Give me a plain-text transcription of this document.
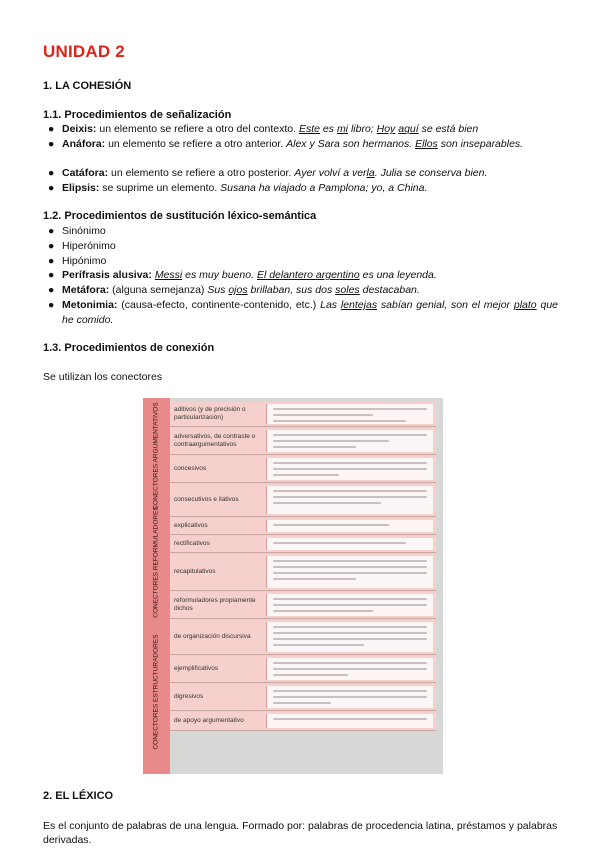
UNIDAD 2
1. LA COHESIÓN
1.1. Procedimientos de señalización
● Deixis: un elemento se refiere a otro del contexto. Este es mi libro; Hoy aquí se está bien
● Anáfora: un elemento se refiere a otro anterior. Alex y Sara son hermanos. Ellos son inseparables.
● Catáfora: un elemento se refiere a otro posterior. Ayer volví a verla. Julia se conserva bien.
● Elipsis: se suprime un elemento. Susana ha viajado a Pamplona; yo, a China.
1.2. Procedimientos de sustitución léxico-semántica
● Sinónimo
● Hiperónimo
● Hipónimo
● Perífrasis alusiva: Messi es muy bueno. El delantero argentino es una leyenda.
● Metáfora: (alguna semejanza) Sus ojos brillaban, sus dos soles destacaban.
● Metonimia: (causa-efecto, continente-contenido, etc.) Las lentejas sabían genial, son el mejor plato que he comido.
1.3. Procedimientos de conexión
Se utilizan los conectores
CONECTORES ARGUMENTATIVOS
CONECTORES REFORMULADORES
CONECTORES ESTRUCTURADORES
aditivos (y de precisión o particularización)
adversativos, de contraste o contraargumentativos
concesivos
consecutivos e ilativos
explicativos
rectificativos
recapitulativos
reformuladores propiamente dichos
de organización discursiva
ejemplificativos
digresivos
de apoyo argumentativo
2. EL LÉXICO
Es el conjunto de palabras de una lengua. Formado por: palabras de procedencia latina, préstamos y palabras derivadas.
